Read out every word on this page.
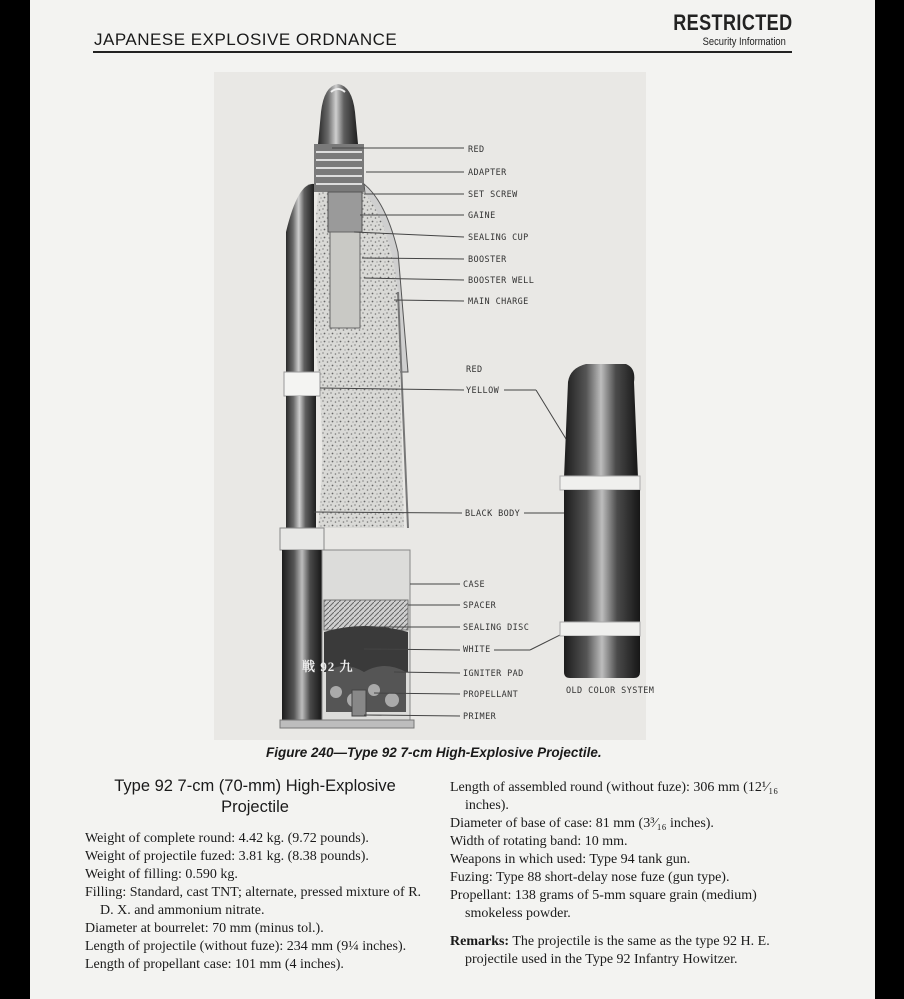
JAPANESE EXPLOSIVE ORDNANCE
RESTRICTED
Security Information
RED
ADAPTER
SET SCREW
GAINE
SEALING CUP
BOOSTER
BOOSTER WELL
MAIN CHARGE
RED
YELLOW
BLACK BODY
CASE
SPACER
SEALING DISC
WHITE
IGNITER PAD
PROPELLANT
PRIMER
OLD COLOR SYSTEM
戦 92 九
Figure 240—Type 92 7-cm High-Explosive Projectile.
Type 92 7-cm (70-mm) High-Explosive
Projectile

Weight of complete round: 4.42 kg. (9.72 pounds).

Weight of projectile fuzed: 3.81 kg. (8.38 pounds).

Weight of filling: 0.590 kg.

Filling: Standard, cast TNT; alternate, pressed mixture of R. D. X. and ammonium nitrate.

Diameter at bourrelet: 70 mm (minus tol.).

Length of projectile (without fuze): 234 mm (9¼ inches).

Length of propellant case: 101 mm (4 inches).

Length of assembled round (without fuze): 306 mm (12¹⁄₁₆ inches).

Diameter of base of case: 81 mm (3³⁄₁₆ inches).

Width of rotating band: 10 mm.

Weapons in which used: Type 94 tank gun.

Fuzing: Type 88 short-delay nose fuze (gun type).

Propellant: 138 grams of 5-mm square grain (medium) smokeless powder.

Remarks: The projectile is the same as the type 92 H. E. projectile used in the Type 92 Infantry Howitzer.
